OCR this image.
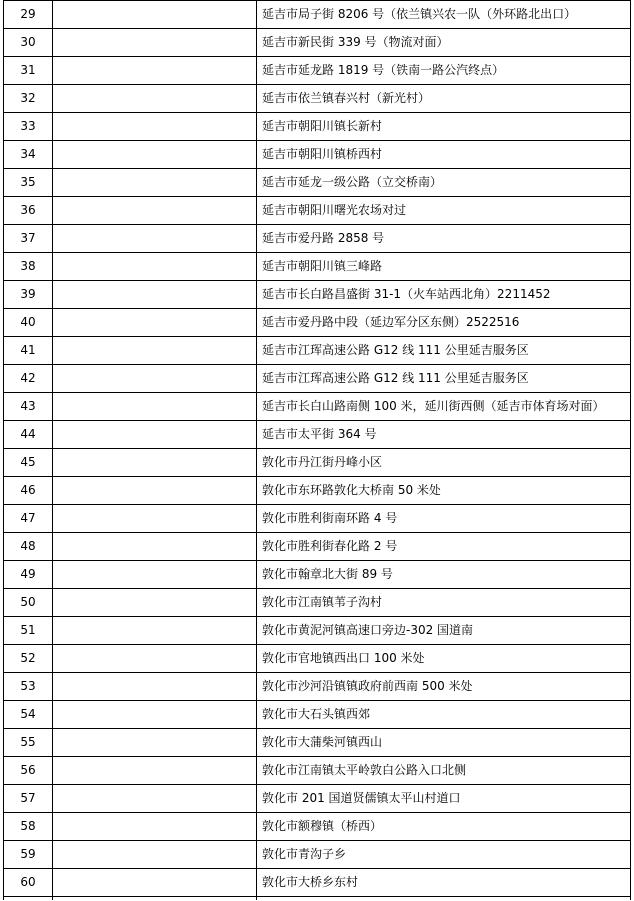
29		延吉市局子街 8206 号（依兰镇兴农一队（外环路北出口）
30		延吉市新民街 339 号（物流对面）
31		延吉市延龙路 1819 号（铁南一路公汽终点）
32		延吉市依兰镇春兴村（新光村）
33		延吉市朝阳川镇长新村
34		延吉市朝阳川镇桥西村
35		延吉市延龙一级公路（立交桥南）
36		延吉市朝阳川曙光农场对过
37		延吉市爱丹路 2858 号
38		延吉市朝阳川镇三峰路
39		延吉市长白路昌盛街 31-1（火车站西北角）2211452
40		延吉市爱丹路中段（延边军分区东侧）2522516
41		延吉市江珲高速公路 G12 线 111 公里延吉服务区
42		延吉市江珲高速公路 G12 线 111 公里延吉服务区
43		延吉市长白山路南侧 100 米，延川街西侧（延吉市体育场对面）
44		延吉市太平街 364 号
45		敦化市丹江街丹峰小区
46		敦化市东环路敦化大桥南 50 米处
47		敦化市胜利街南环路 4 号
48		敦化市胜利街春化路 2 号
49		敦化市翰章北大街 89 号
50		敦化市江南镇苇子沟村
51		敦化市黄泥河镇高速口旁边-302 国道南
52		敦化市官地镇西出口 100 米处
53		敦化市沙河沿镇镇政府前西南 500 米处
54		敦化市大石头镇西郊
55		敦化市大蒲柴河镇西山
56		敦化市江南镇太平岭敦白公路入口北侧
57		敦化市 201 国道贤儒镇太平山村道口
58		敦化市额穆镇（桥西）
59		敦化市青沟子乡
60		敦化市大桥乡东村
